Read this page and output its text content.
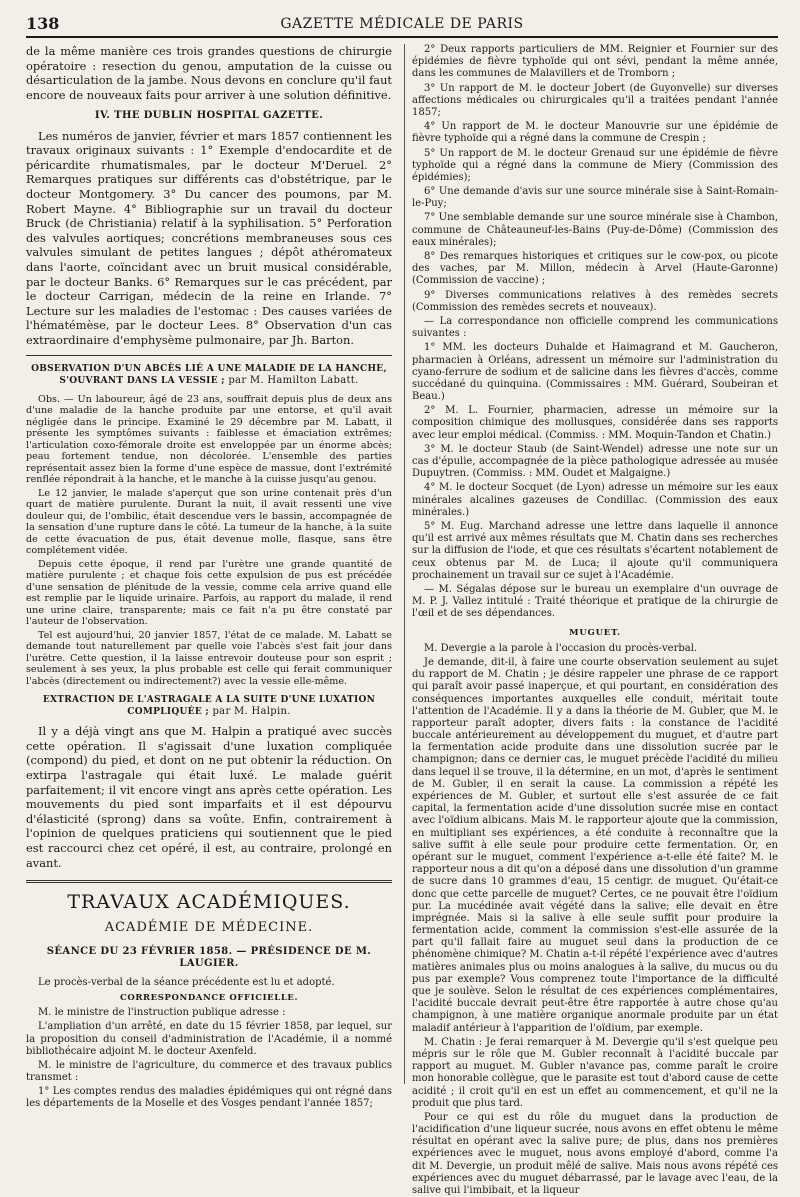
138	GAZETTE MÉDICALE DE PARIS

de la même manière ces trois grandes questions de chirurgie opératoire : resection du genou, amputation de la cuisse ou désarticulation de la jambe. Nous devons en conclure qu'il faut encore de nouveaux faits pour arriver à une solution définitive.

IV. THE DUBLIN HOSPITAL GAZETTE.

Les numéros de janvier, février et mars 1857 contiennent les travaux originaux suivants : 1° Exemple d'endocardite et de péricardite rhumatismales, par le docteur M'Deruel. 2° Remarques pratiques sur différents cas d'obstétrique, par le docteur Montgomery. 3° Du cancer des poumons, par M. Robert Mayne. 4° Bibliographie sur un travail du docteur Bruck (de Christiania) relatif à la syphilisation. 5° Perforation des valvules aortiques; concrétions membraneuses sous ces valvules simulant de petites langues ; dépôt athéromateux dans l'aorte, coïncidant avec un bruit musical considérable, par le docteur Banks. 6° Remarques sur le cas précédent, par le docteur Carrigan, médecin de la reine en Irlande. 7° Lecture sur les maladies de l'estomac : Des causes variées de l'hématémèse, par le docteur Lees. 8° Observation d'un cas extraordinaire d'emphysème pulmonaire, par Jh. Barton.

OBSERVATION D'UN ABCÈS LIÉ A UNE MALADIE DE LA HANCHE, S'OUVRANT DANS LA VESSIE ; par M. Hamilton Labatt.

Obs. — Un laboureur, âgé de 23 ans, souffrait depuis plus de deux ans d'une maladie de la hanche produite par une entorse, et qu'il avait négligée dans le principe. Examiné le 29 décembre par M. Labatt, il présente les symptômes suivants : faiblesse et émaciation extrêmes; l'articulation coxo-fémorale droite est enveloppée par un énorme abcès; peau fortement tendue, non décolorée. L'ensemble des parties représentait assez bien la forme d'une espèce de massue, dont l'extrémité renflée répondrait à la hanche, et le manche à la cuisse jusqu'au genou.

Le 12 janvier, le malade s'aperçut que son urine contenait près d'un quart de matière purulente. Durant la nuit, il avait ressenti une vive douleur qui, de l'ombilic, était descendue vers le bassin, accompagnée de la sensation d'une rupture dans le côté. La tumeur de la hanche, à la suite de cette évacuation de pus, était devenue molle, flasque, sans être complétement vidée.

Depuis cette époque, il rend par l'urètre une grande quantité de matière purulente ; et chaque fois cette expulsion de pus est précédée d'une sensation de plénitude de la vessie, comme cela arrive quand elle est remplie par le liquide urinaire. Parfois, au rapport du malade, il rend une urine claire, transparente; mais ce fait n'a pu être constaté par l'auteur de l'observation.

Tel est aujourd'hui, 20 janvier 1857, l'état de ce malade. M. Labatt se demande tout naturellement par quelle voie l'abcès s'est fait jour dans l'urètre. Cette question, il la laisse entrevoir douteuse pour son esprit ; seulement à ses yeux, la plus probable est celle qui ferait communiquer l'abcès (directement ou indirectement?) avec la vessie elle-même.

EXTRACTION DE L'ASTRAGALE A LA SUITE D'UNE LUXATION COMPLIQUÉE ; par M. Halpin.

Il y a déjà vingt ans que M. Halpin a pratiqué avec succès cette opération. Il s'agissait d'une luxation compliquée (compond) du pied, et dont on ne put obtenir la réduction. On extirpa l'astragale qui était luxé. Le malade guérit parfaitement; il vit encore vingt ans après cette opération. Les mouvements du pied sont imparfaits et il est dépourvu d'élasticité (sprong) dans sa voûte. Enfin, contrairement à l'opinion de quelques praticiens qui soutiennent que le pied est raccourci chez cet opéré, il est, au contraire, prolongé en avant.

TRAVAUX ACADÉMIQUES.
ACADÉMIE DE MÉDECINE.
SÉANCE DU 23 FÉVRIER 1858. — PRÉSIDENCE DE M. LAUGIER.

Le procès-verbal de la séance précédente est lu et adopté.

CORRESPONDANCE OFFICIELLE.

M. le ministre de l'instruction publique adresse :

L'ampliation d'un arrêté, en date du 15 février 1858, par lequel, sur la proposition du conseil d'administration de l'Académie, il a nommé bibliothécaire adjoint M. le docteur Axenfeld.

M. le ministre de l'agriculture, du commerce et des travaux publics transmet :

1° Les comptes rendus des maladies épidémiques qui ont régné dans les départements de la Moselle et des Vosges pendant l'année 1857;

2° Deux rapports particuliers de MM. Reignier et Fournier sur des épidémies de fièvre typhoïde qui ont sévi, pendant la même année, dans les communes de Malavillers et de Tromborn ;

3° Un rapport de M. le docteur Jobert (de Guyonvelle) sur diverses affections médicales ou chirurgicales qu'il a traitées pendant l'année 1857;

4° Un rapport de M. le docteur Manouvrie sur une épidémie de fièvre typhoïde qui a régné dans la commune de Crespin ;

5° Un rapport de M. le docteur Grenaud sur une épidémie de fièvre typhoïde qui a régné dans la commune de Miery (Commission des épidémies);

6° Une demande d'avis sur une source minérale sise à Saint-Romain-le-Puy;

7° Une semblable demande sur une source minérale sise à Chambon, commune de Châteauneuf-les-Bains (Puy-de-Dôme) (Commission des eaux minérales);

8° Des remarques historiques et critiques sur le cow-pox, ou picote des vaches, par M. Millon, médecin à Arvel (Haute-Garonne) (Commission de vaccine) ;

9° Diverses communications relatives à des remèdes secrets (Commission des remèdes secrets et nouveaux).

— La correspondance non officielle comprend les communications suivantes :

1° MM. les docteurs Duhalde et Haimagrand et M. Gaucheron, pharmacien à Orléans, adressent un mémoire sur l'administration du cyano-ferrure de sodium et de salicine dans les fièvres d'accès, comme succédané du quinquina. (Commissaires : MM. Guérard, Soubeiran et Beau.)

2° M. L. Fournier, pharmacien, adresse un mémoire sur la composition chimique des mollusques, considérée dans ses rapports avec leur emploi médical. (Commiss. : MM. Moquin-Tandon et Chatin.)

3° M. le docteur Staub (de Saint-Wendel) adresse une note sur un cas d'épulie, accompagnée de la pièce pathologique adressée au musée Dupuytren. (Commiss. : MM. Oudet et Malgaigne.)

4° M. le docteur Socquet (de Lyon) adresse un mémoire sur les eaux minérales alcalines gazeuses de Condillac. (Commission des eaux minérales.)

5° M. Eug. Marchand adresse une lettre dans laquelle il annonce qu'il est arrivé aux mêmes résultats que M. Chatin dans ses recherches sur la diffusion de l'iode, et que ces résultats s'écartent notablement de ceux obtenus par M. de Luca; il ajoute qu'il communiquera prochainement un travail sur ce sujet à l'Académie.

— M. Ségalas dépose sur le bureau un exemplaire d'un ouvrage de M. P. J. Vallez intitulé : Traité théorique et pratique de la chirurgie de l'œil et de ses dépendances.

MUGUET.

M. Devergie a la parole à l'occasion du procès-verbal.

Je demande, dit-il, à faire une courte observation seulement au sujet du rapport de M. Chatin ; je désire rappeler une phrase de ce rapport qui paraît avoir passé inaperçue, et qui pourtant, en considération des conséquences importantes auxquelles elle conduit, méritait toute l'attention de l'Académie. Il y a dans la théorie de M. Gubler, que M. le rapporteur paraît adopter, divers faits : la constance de l'acidité buccale antérieurement au développement du muguet, et d'autre part la fermentation acide produite dans une dissolution sucrée par le champignon; dans ce dernier cas, le muguet précède l'acidité du milieu dans lequel il se trouve, il la détermine, en un mot, d'après le sentiment de M. Gubler, il en serait la cause. La commission a répété les expériences de M. Gubler, et surtout elle s'est assurée de ce fait capital, la fermentation acide d'une dissolution sucrée mise en contact avec l'oïdium albicans. Mais M. le rapporteur ajoute que la commission, en multipliant ses expériences, a été conduite à reconnaître que la salive suffit à elle seule pour produire cette fermentation. Or, en opérant sur le muguet, comment l'expérience a-t-elle été faite? M. le rapporteur nous a dit qu'on a déposé dans une dissolution d'un gramme de sucre dans 10 grammes d'eau, 15 centigr. de muguet. Qu'était-ce donc que cette parcelle de muguet? Certes, ce ne pouvait être l'oïdium pur. La mucédinée avait végété dans la salive; elle devait en être imprégnée. Mais si la salive à elle seule suffit pour produire la fermentation acide, comment la commission s'est-elle assurée de la part qu'il fallait faire au muguet seul dans la production de ce phénomène chimique? M. Chatin a-t-il répété l'expérience avec d'autres matières animales plus ou moins analogues à la salive, du mucus ou du pus par exemple? Vous comprenez toute l'importance de la difficulté que je soulève. Selon le résultat de ces expériences complémentaires, l'acidité buccale devrait peut-être être rapportée à autre chose qu'au champignon, à une matière organique anormale produite par un état maladif antérieur à l'apparition de l'oïdium, par exemple.

M. Chatin : Je ferai remarquer à M. Devergie qu'il s'est quelque peu mépris sur le rôle que M. Gubler reconnaît à l'acidité buccale par rapport au muguet. M. Gubler n'avance pas, comme paraît le croire mon honorable collègue, que le parasite est tout d'abord cause de cette acidité ; il croit qu'il en est un effet au commencement, et qu'il ne la produit que plus tard.

Pour ce qui est du rôle du muguet dans la production de l'acidification d'une liqueur sucrée, nous avons en effet obtenu le même résultat en opérant avec la salive pure; de plus, dans nos premières expériences avec le muguet, nous avons employé d'abord, comme l'a dit M. Devergie, un produit mêlé de salive. Mais nous avons répété ces expériences avec du muguet débarrassé, par le lavage avec l'eau, de la salive qui l'imbibait, et la liqueur
